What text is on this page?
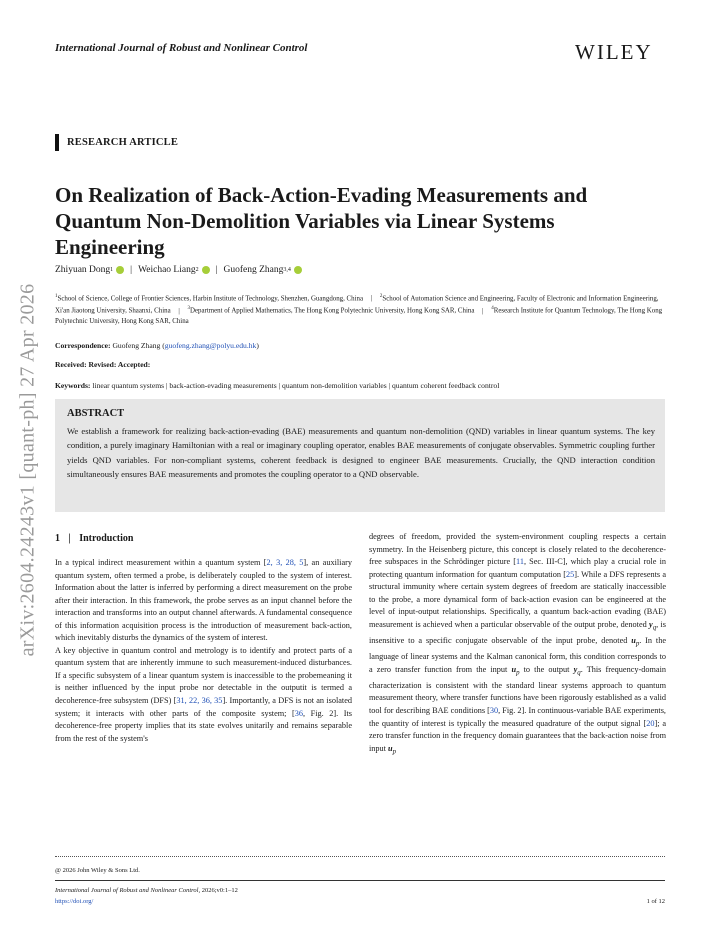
International Journal of Robust and Nonlinear Control	WILEY
arXiv:2604.24243v1 [quant-ph] 27 Apr 2026
RESEARCH ARTICLE
On Realization of Back-Action-Evading Measurements and Quantum Non-Demolition Variables via Linear Systems Engineering
Zhiyuan Dong 1 | Weichao Liang 2 | Guofeng Zhang 3,4
$^1$School of Science, College of Frontier Sciences, Harbin Institute of Technology, Shenzhen, Guangdong, China | $^2$School of Automation Science and Engineering, Faculty of Electronic and Information Engineering, Xi'an Jiaotong University, Shaanxi, China | $^3$Department of Applied Mathematics, The Hong Kong Polytechnic University, Hong Kong SAR, China | $^4$Research Institute for Quantum Technology, The Hong Kong Polytechnic University, Hong Kong SAR, China
Correspondence: Guofeng Zhang (guofeng.zhang@polyu.edu.hk)
Received: Revised: Accepted:
Keywords: linear quantum systems | back-action-evading measurements | quantum non-demolition variables | quantum coherent feedback control
ABSTRACT
We establish a framework for realizing back-action-evading (BAE) measurements and quantum non-demolition (QND) variables in linear quantum systems. The key condition, a purely imaginary Hamiltonian with a real or imaginary coupling operator, enables BAE measurements of conjugate observables. Symmetric coupling further yields QND variables. For non-compliant systems, coherent feedback is designed to engineer BAE measurements. Crucially, the QND interaction condition simultaneously ensures BAE measurements and promotes the coupling operator to a QND observable.
1 | Introduction

In a typical indirect measurement within a quantum system [2, 3, 28, 5], an auxiliary quantum system, often termed a probe, is deliberately coupled to the system of interest. Information about the latter is inferred by performing a direct measurement on the probe after their interaction. In this framework, the probe serves as an input channel before the interaction and transforms into an output channel afterwards. A fundamental consequence of this information acquisition process is the introduction of measurement back-action, which inevitably disturbs the dynamics of the system of interest.

A key objective in quantum control and metrology is to identify and protect parts of a quantum system that are inherently immune to such measurement-induced disturbances. If a specific subsystem of a linear quantum system is inaccessible to the probemeaning it is neither influenced by the input probe nor detectable in the outputit is termed a decoherence-free subsystem (DFS) [31, 22, 36, 35]. Importantly, a DFS is not an isolated system; it interacts with other parts of the composite system; [36, Fig. 2]. Its decoherence-free property implies that its state evolves unitarily and remains separable from the rest of the system's

degrees of freedom, provided the system-environment coupling respects a certain symmetry. In the Heisenberg picture, this concept is closely related to the decoherence-free subspaces in the Schrödinger picture [11, Sec. III-C], which play a crucial role in protecting quantum information for quantum computation [25]. While a DFS represents a structural immunity where certain system degrees of freedom are statically inaccessible to the probe, a more dynamical form of back-action evasion can be engineered at the level of input-output relationships. Specifically, a quantum back-action evading (BAE) measurement is achieved when a particular observable of the output probe, denoted $y_q$, is insensitive to a specific conjugate observable of the input probe, denoted $u_p$. In the language of linear systems and the Kalman canonical form, this condition corresponds to a zero transfer function from the input $u_p$ to the output $y_q$. This frequency-domain characterization is consistent with the standard linear systems approach to quantum measurement theory, where transfer functions have been rigorously established as a valid tool for describing BAE conditions [30, Fig. 2]. In continuous-variable BAE experiments, the quantity of interest is typically the measured quadrature of the output signal [20]; a zero transfer function in the frequency domain guarantees that the back-action noise from input $u_p$

@ 2026 John Wiley & Sons Ltd.
International Journal of Robust and Nonlinear Control, 2026;v0:1–12
https://doi.org/	1 of 12
